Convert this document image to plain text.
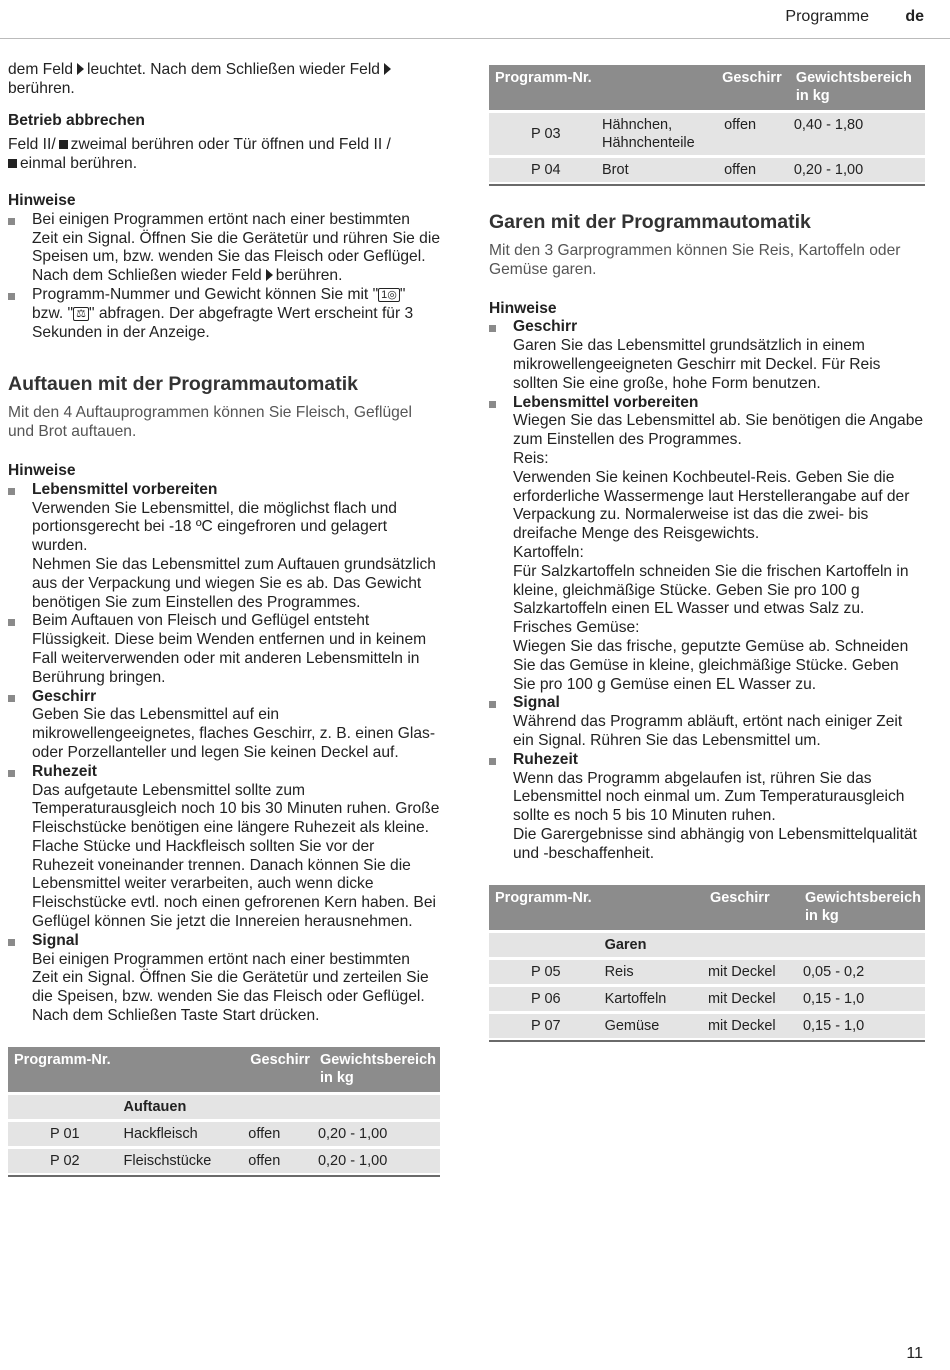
Programme de

dem Feld leuchtet. Nach dem Schließen wieder Feld
berühren.

Betrieb abbrechen

Feld II/ zweimal berühren oder Tür öffnen und Feld II /
einmal berühren.

Hinweise

Bei einigen Programmen ertönt nach einer bestimmten Zeit ein Signal. Öffnen Sie die Gerätetür und rühren Sie die Speisen um, bzw. wenden Sie das Fleisch oder Geflügel. Nach dem Schließen wieder Feld berühren.
Programm-Nummer und Gewicht können Sie mit " 1◎ " bzw. " ⚖ " abfragen. Der abgefragte Wert erscheint für 3 Sekunden in der Anzeige.
Auftauen mit der Programmautomatik

Mit den 4 Auftauprogrammen können Sie Fleisch, Geflügel und Brot auftauen.

Hinweise

Lebensmittel vorbereiten
Verwenden Sie Lebensmittel, die möglichst flach und portionsgerecht bei -18 ºC eingefroren und gelagert wurden.
Nehmen Sie das Lebensmittel zum Auftauen grundsätzlich aus der Verpackung und wiegen Sie es ab. Das Gewicht benötigen Sie zum Einstellen des Programmes.
Beim Auftauen von Fleisch und Geflügel entsteht Flüssigkeit. Diese beim Wenden entfernen und in keinem Fall weiterverwenden oder mit anderen Lebensmitteln in Berührung bringen.
Geschirr
Geben Sie das Lebensmittel auf ein mikrowellengeeignetes, flaches Geschirr, z. B. einen Glas- oder Porzellanteller und legen Sie keinen Deckel auf.
Ruhezeit
Das aufgetaute Lebensmittel sollte zum Temperaturausgleich noch 10 bis 30 Minuten ruhen. Große Fleischstücke benötigen eine längere Ruhezeit als kleine. Flache Stücke und Hackfleisch sollten Sie vor der Ruhezeit voneinander trennen. Danach können Sie die Lebensmittel weiter verarbeiten, auch wenn dicke Fleischstücke evtl. noch einen gefrorenen Kern haben. Bei Geflügel können Sie jetzt die Innereien herausnehmen.
Signal
Bei einigen Programmen ertönt nach einer bestimmten Zeit ein Signal. Öffnen Sie die Gerätetür und zerteilen Sie die Speisen, bzw. wenden Sie das Fleisch oder Geflügel. Nach dem Schließen Taste Start drücken.
Programm-Nr.		Geschirr	Gewichtsbereich in kg
	Auftauen		
P 01	Hackfleisch	offen	0,20 - 1,00
P 02	Fleischstücke	offen	0,20 - 1,00
Programm-Nr.		Geschirr	Gewichtsbereich in kg
P 03	Hähnchen, Hähnchenteile	offen	0,40 - 1,80
P 04	Brot	offen	0,20 - 1,00
Garen mit der Programmautomatik

Mit den 3 Garprogrammen können Sie Reis, Kartoffeln oder Gemüse garen.

Hinweise

Geschirr
Garen Sie das Lebensmittel grundsätzlich in einem mikrowellengeeigneten Geschirr mit Deckel. Für Reis sollten Sie eine große, hohe Form benutzen.
Lebensmittel vorbereiten
Wiegen Sie das Lebensmittel ab. Sie benötigen die Angabe zum Einstellen des Programmes.
Reis:
Verwenden Sie keinen Kochbeutel-Reis. Geben Sie die erforderliche Wassermenge laut Herstellerangabe auf der Verpackung zu. Normalerweise ist das die zwei- bis dreifache Menge des Reisgewichts.
Kartoffeln:
Für Salzkartoffeln schneiden Sie die frischen Kartoffeln in kleine, gleichmäßige Stücke. Geben Sie pro 100 g Salzkartoffeln einen EL Wasser und etwas Salz zu.
Frisches Gemüse:
Wiegen Sie das frische, geputzte Gemüse ab. Schneiden Sie das Gemüse in kleine, gleichmäßige Stücke. Geben Sie pro 100 g Gemüse einen EL Wasser zu.
Signal
Während das Programm abläuft, ertönt nach einiger Zeit ein Signal. Rühren Sie das Lebensmittel um.
Ruhezeit
Wenn das Programm abgelaufen ist, rühren Sie das Lebensmittel noch einmal um. Zum Temperaturausgleich sollte es noch 5 bis 10 Minuten ruhen.
Die Garergebnisse sind abhängig von Lebensmittelqualität und -beschaffenheit.
Programm-Nr.		Geschirr	Gewichtsbereich in kg
	Garen		
P 05	Reis	mit Deckel	0,05 - 0,2
P 06	Kartoffeln	mit Deckel	0,15 - 1,0
P 07	Gemüse	mit Deckel	0,15 - 1,0
11
